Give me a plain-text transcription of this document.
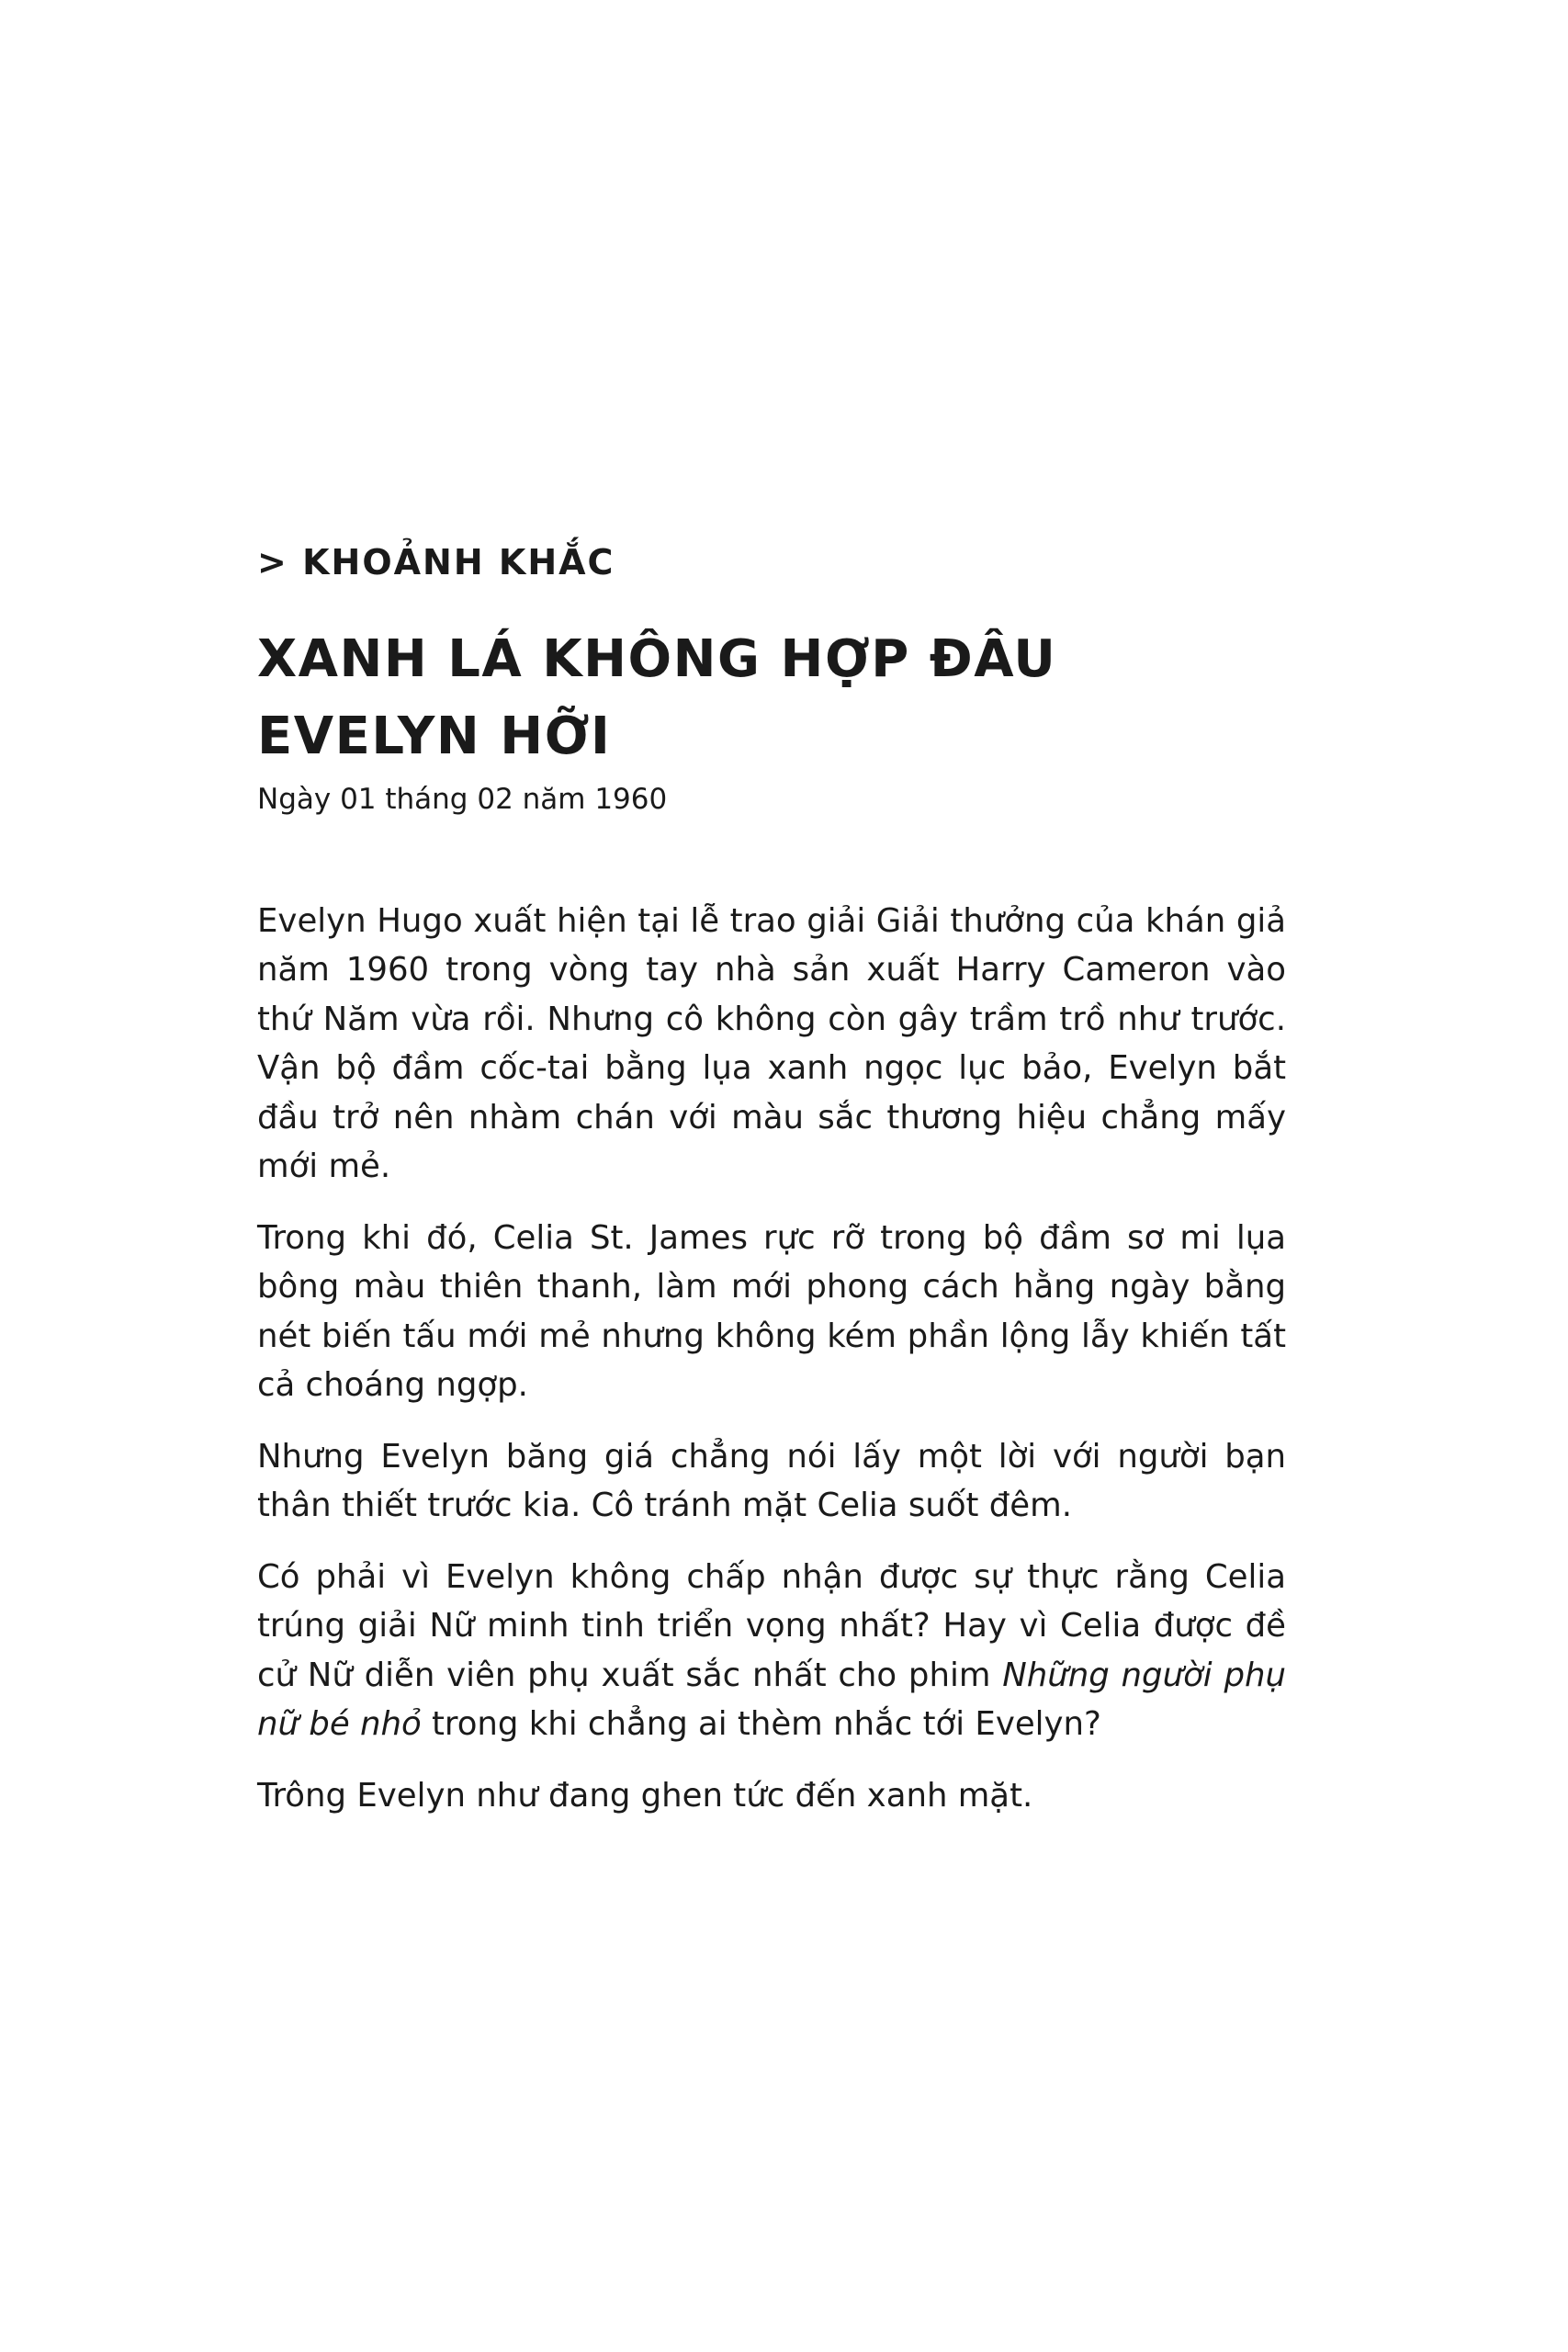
> KHOẢNH KHẮC
XANH LÁ KHÔNG HỢP ĐÂU
EVELYN HỠI
Ngày 01 tháng 02 năm 1960

Evelyn Hugo xuất hiện tại lễ trao giải Giải thưởng của khán giả năm 1960 trong vòng tay nhà sản xuất Harry Cameron vào thứ Năm vừa rồi. Nhưng cô không còn gây trầm trồ như trước. Vận bộ đầm cốc-tai bằng lụa xanh ngọc lục bảo, Evelyn bắt đầu trở nên nhàm chán với màu sắc thương hiệu chẳng mấy mới mẻ.

Trong khi đó, Celia St. James rực rỡ trong bộ đầm sơ mi lụa bông màu thiên thanh, làm mới phong cách hằng ngày bằng nét biến tấu mới mẻ nhưng không kém phần lộng lẫy khiến tất cả choáng ngợp.

Nhưng Evelyn băng giá chẳng nói lấy một lời với người bạn thân thiết trước kia. Cô tránh mặt Celia suốt đêm.

Có phải vì Evelyn không chấp nhận được sự thực rằng Celia trúng giải Nữ minh tinh triển vọng nhất? Hay vì Celia được đề cử Nữ diễn viên phụ xuất sắc nhất cho phim Những người phụ nữ bé nhỏ trong khi chẳng ai thèm nhắc tới Evelyn?

Trông Evelyn như đang ghen tức đến xanh mặt.
